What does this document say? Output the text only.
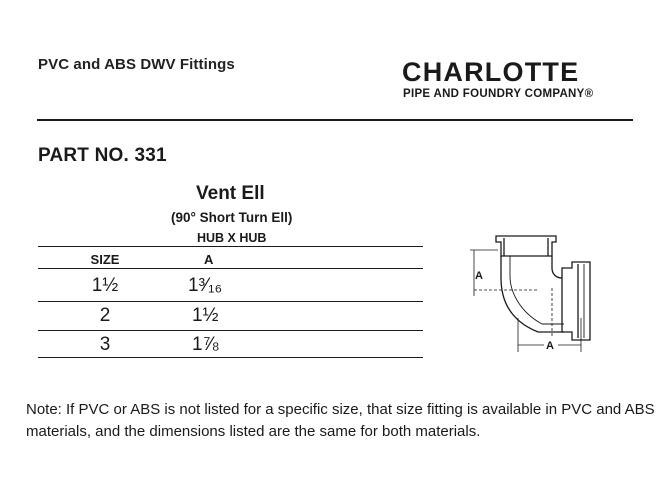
PVC and ABS DWV Fittings	CHARLOTTE
PIPE AND FOUNDRY COMPANY®
PART NO. 331
Vent Ell
(90° Short Turn Ell)
HUB X HUB
SIZE	A
1½	1³⁄₁₆
2	1½
3	1⅞
A
A
Note: If PVC or ABS is not listed for a specific size, that size fitting is available in PVC and ABS materials, and the dimensions listed are the same for both materials.
